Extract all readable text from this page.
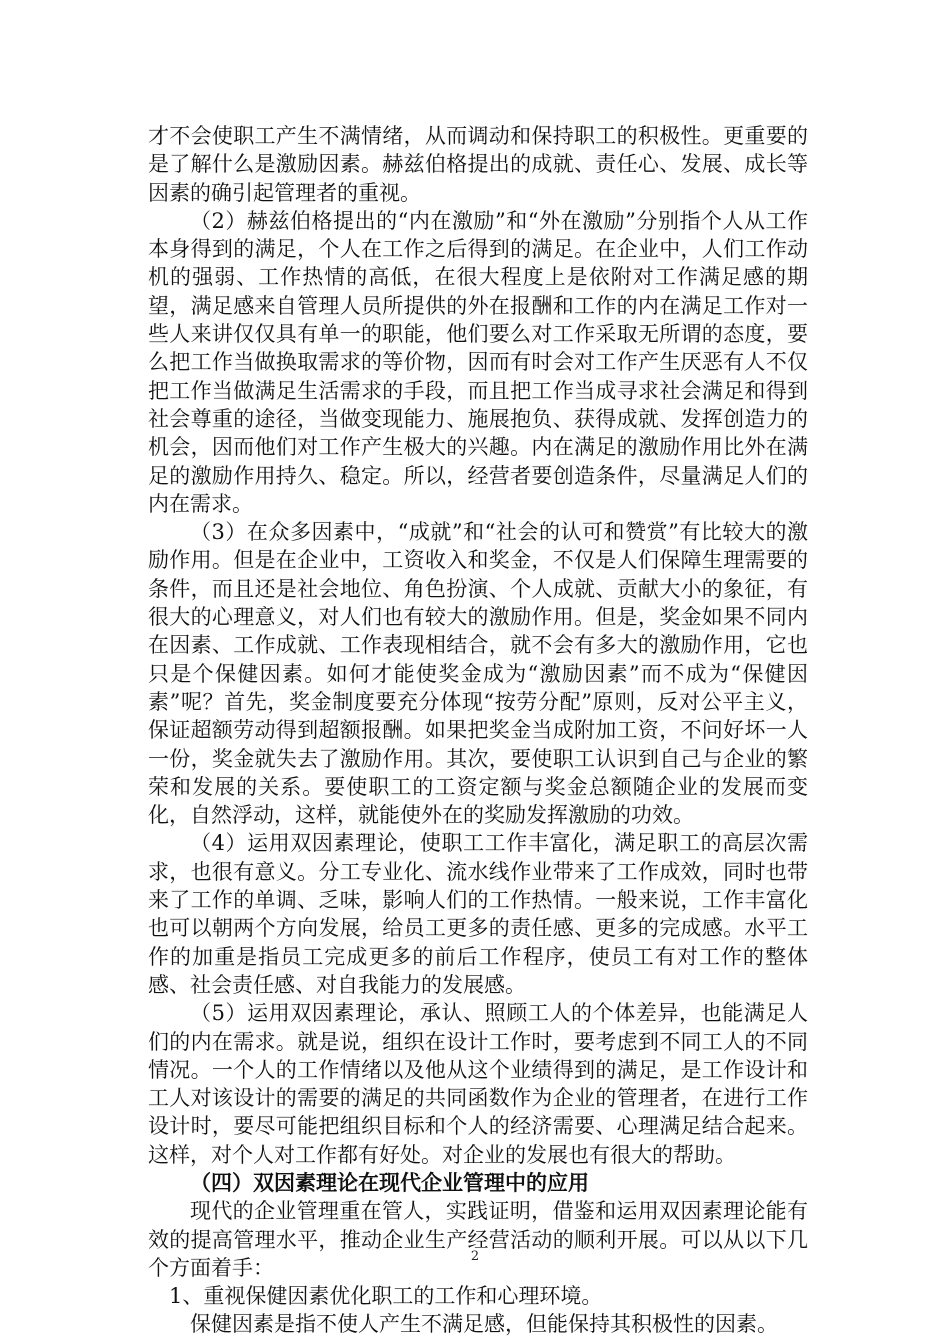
才不会使职工产生不满情绪，从而调动和保持职工的积极性。更重要的是了解什么是激励因素。赫兹伯格提出的成就、责任心、发展、成长等因素的确引起管理者的重视。

（2）赫兹伯格提出的“内在激励”和“外在激励”分别指个人从工作本身得到的满足，个人在工作之后得到的满足。在企业中，人们工作动机的强弱、工作热情的高低，在很大程度上是依附对工作满足感的期望，满足感来自管理人员所提供的外在报酬和工作的内在满足工作对一些人来讲仅仅具有单一的职能，他们要么对工作采取无所谓的态度，要么把工作当做换取需求的等价物，因而有时会对工作产生厌恶有人不仅把工作当做满足生活需求的手段，而且把工作当成寻求社会满足和得到社会尊重的途径，当做变现能力、施展抱负、获得成就、发挥创造力的机会，因而他们对工作产生极大的兴趣。内在满足的激励作用比外在满足的激励作用持久、稳定。所以，经营者要创造条件，尽量满足人们的内在需求。

（3）在众多因素中，“成就”和“社会的认可和赞赏”有比较大的激励作用。但是在企业中，工资收入和奖金，不仅是人们保障生理需要的条件，而且还是社会地位、角色扮演、个人成就、贡献大小的象征，有很大的心理意义，对人们也有较大的激励作用。但是，奖金如果不同内在因素、工作成就、工作表现相结合，就不会有多大的激励作用，它也只是个保健因素。如何才能使奖金成为“激励因素”而不成为“保健因素”呢？首先，奖金制度要充分体现“按劳分配”原则，反对公平主义，保证超额劳动得到超额报酬。如果把奖金当成附加工资，不问好坏一人一份，奖金就失去了激励作用。其次，要使职工认识到自己与企业的繁荣和发展的关系。要使职工的工资定额与奖金总额随企业的发展而变化，自然浮动，这样，就能使外在的奖励发挥激励的功效。

（4）运用双因素理论，使职工工作丰富化，满足职工的高层次需求，也很有意义。分工专业化、流水线作业带来了工作成效，同时也带来了工作的单调、乏味，影响人们的工作热情。一般来说，工作丰富化也可以朝两个方向发展，给员工更多的责任感、更多的完成感。水平工作的加重是指员工完成更多的前后工作程序，使员工有对工作的整体感、社会责任感、对自我能力的发展感。

（5）运用双因素理论，承认、照顾工人的个体差异，也能满足人们的内在需求。就是说，组织在设计工作时，要考虑到不同工人的不同情况。一个人的工作情绪以及他从这个业绩得到的满足，是工作设计和工人对该设计的需要的满足的共同函数作为企业的管理者，在进行工作设计时，要尽可能把组织目标和个人的经济需要、心理满足结合起来。这样，对个人对工作都有好处。对企业的发展也有很大的帮助。

（四）双因素理论在现代企业管理中的应用

现代的企业管理重在管人，实践证明，借鉴和运用双因素理论能有效的提高管理水平，推动企业生产经营活动的顺利开展。可以从以下几个方面着手：

1、重视保健因素优化职工的工作和心理环境。

保健因素是指不使人产生不满足感，但能保持其积极性的因素。

2
